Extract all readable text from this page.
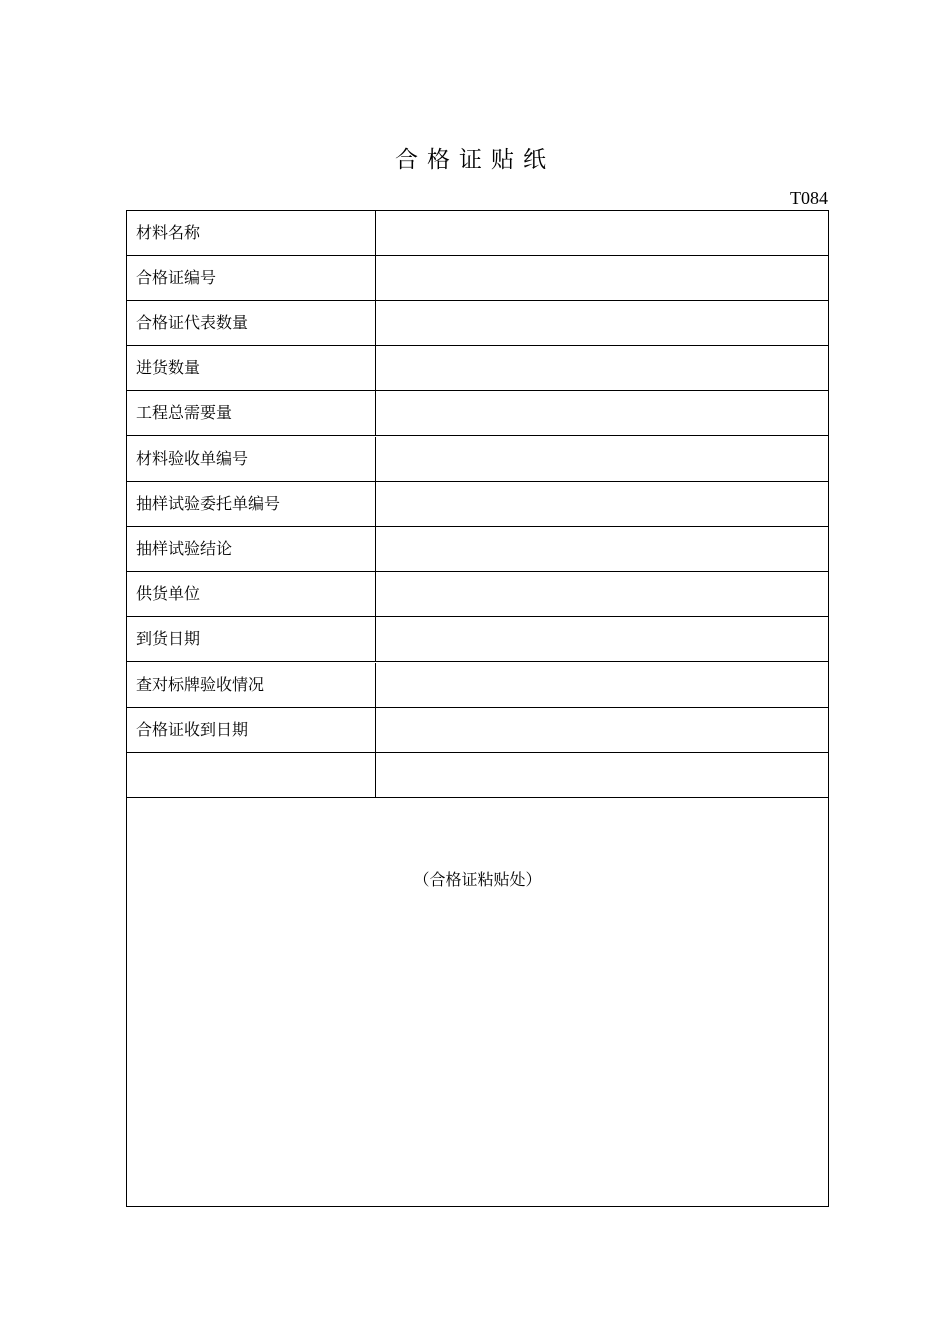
合格证贴纸
T084
材料名称
合格证编号
合格证代表数量
进货数量
工程总需要量
材料验收单编号
抽样试验委托单编号
抽样试验结论
供货单位
到货日期
查对标牌验收情况
合格证收到日期
（合格证粘贴处）
